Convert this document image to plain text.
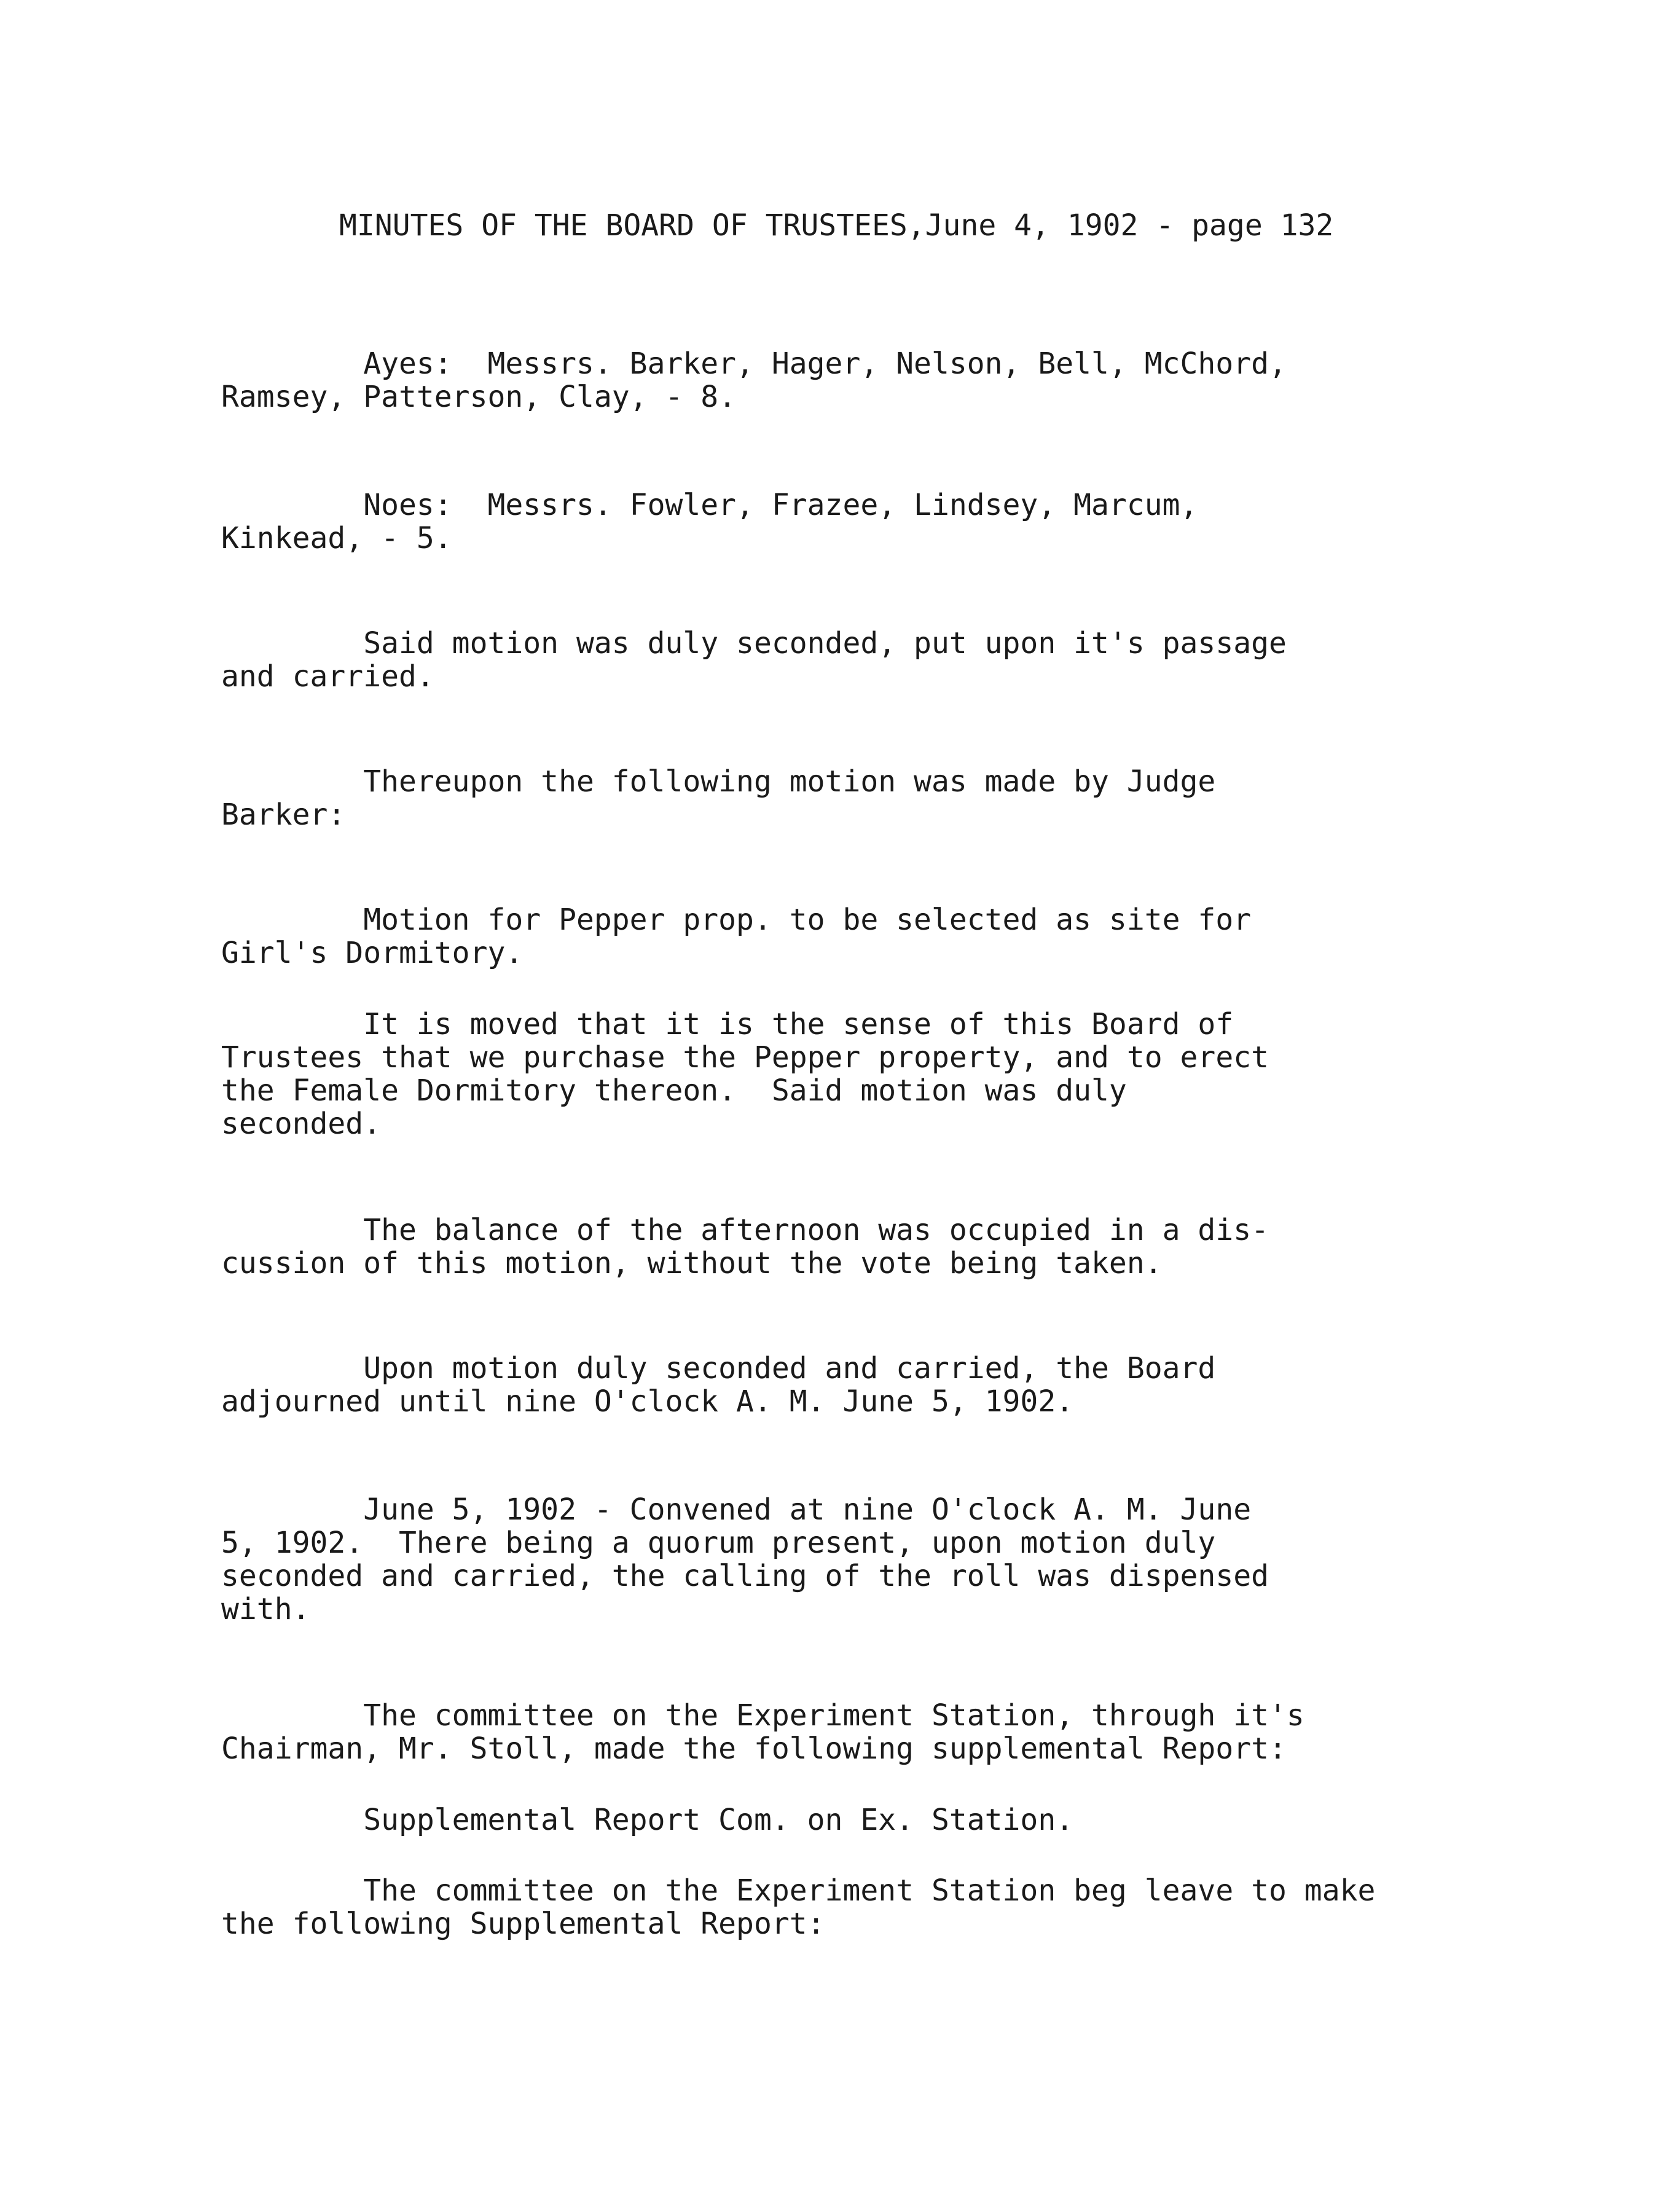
MINUTES OF THE BOARD OF TRUSTEES,June 4, 1902 - page 132

Ayes:  Messrs. Barker, Hager, Nelson, Bell, McChord,
Ramsey, Patterson, Clay, - 8.

Noes:  Messrs. Fowler, Frazee, Lindsey, Marcum,
Kinkead, - 5.

Said motion was duly seconded, put upon it's passage
and carried.

Thereupon the following motion was made by Judge
Barker:

Motion for Pepper prop. to be selected as site for
Girl's Dormitory.

It is moved that it is the sense of this Board of
Trustees that we purchase the Pepper property, and to erect
the Female Dormitory thereon.  Said motion was duly
seconded.

The balance of the afternoon was occupied in a dis-
cussion of this motion, without the vote being taken.

Upon motion duly seconded and carried, the Board
adjourned until nine O'clock A. M. June 5, 1902.

June 5, 1902 - Convened at nine O'clock A. M. June
5, 1902.  There being a quorum present, upon motion duly
seconded and carried, the calling of the roll was dispensed
with.

The committee on the Experiment Station, through it's
Chairman, Mr. Stoll, made the following supplemental Report:

Supplemental Report Com. on Ex. Station.

The committee on the Experiment Station beg leave to make
the following Supplemental Report:
